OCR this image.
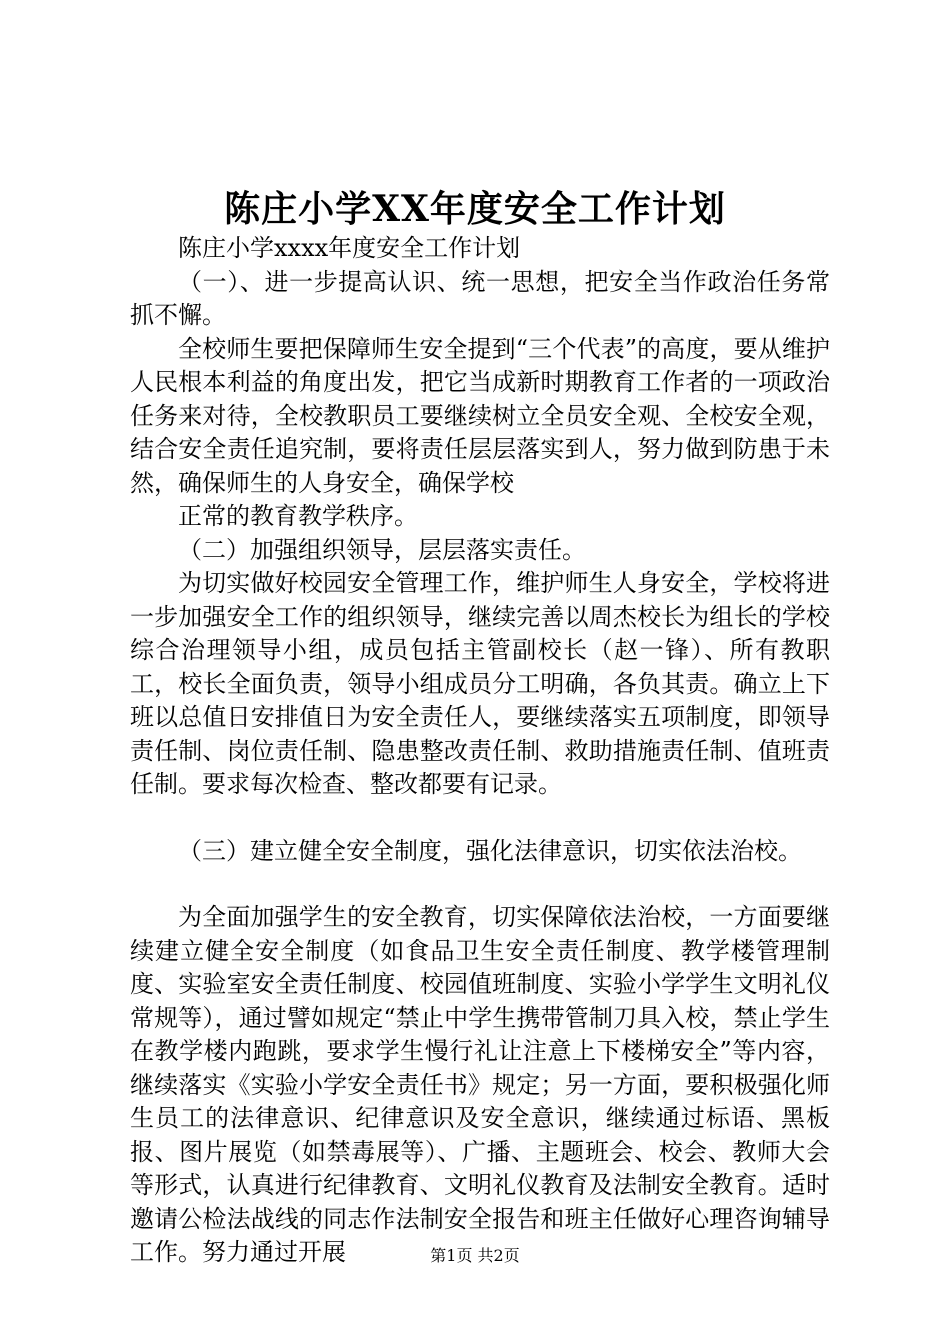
陈庄小学XX年度安全工作计划

陈庄小学xxxx年度安全工作计划

（一）、进一步提高认识、统一思想，把安全当作政治任务常抓不懈。

全校师生要把保障师生安全提到“三个代表”的高度，要从维护人民根本利益的角度出发，把它当成新时期教育工作者的一项政治任务来对待，全校教职员工要继续树立全员安全观、全校安全观，结合安全责任追究制，要将责任层层落实到人，努力做到防患于未然，确保师生的人身安全，确保学校

正常的教育教学秩序。

（二）加强组织领导，层层落实责任。

为切实做好校园安全管理工作，维护师生人身安全，学校将进一步加强安全工作的组织领导，继续完善以周杰校长为组长的学校综合治理领导小组，成员包括主管副校长（赵一锋）、所有教职工，校长全面负责，领导小组成员分工明确，各负其责。确立上下班以总值日安排值日为安全责任人，要继续落实五项制度，即领导责任制、岗位责任制、隐患整改责任制、救助措施责任制、值班责任制。要求每次检查、整改都要有记录。

（三）建立健全安全制度，强化法律意识，切实依法治校。

为全面加强学生的安全教育，切实保障依法治校，一方面要继续建立健全安全制度（如食品卫生安全责任制度、教学楼管理制度、实验室安全责任制度、校园值班制度、实验小学学生文明礼仪常规等），通过譬如规定“禁止中学生携带管制刀具入校，禁止学生在教学楼内跑跳，要求学生慢行礼让注意上下楼梯安全”等内容，继续落实《实验小学安全责任书》规定；另一方面，要积极强化师生员工的法律意识、纪律意识及安全意识，继续通过标语、黑板报、图片展览（如禁毒展等）、广播、主题班会、校会、教师大会等形式，认真进行纪律教育、文明礼仪教育及法制安全教育。适时邀请公检法战线的同志作法制安全报告和班主任做好心理咨询辅导工作。努力通过开展	第1页 共2页
